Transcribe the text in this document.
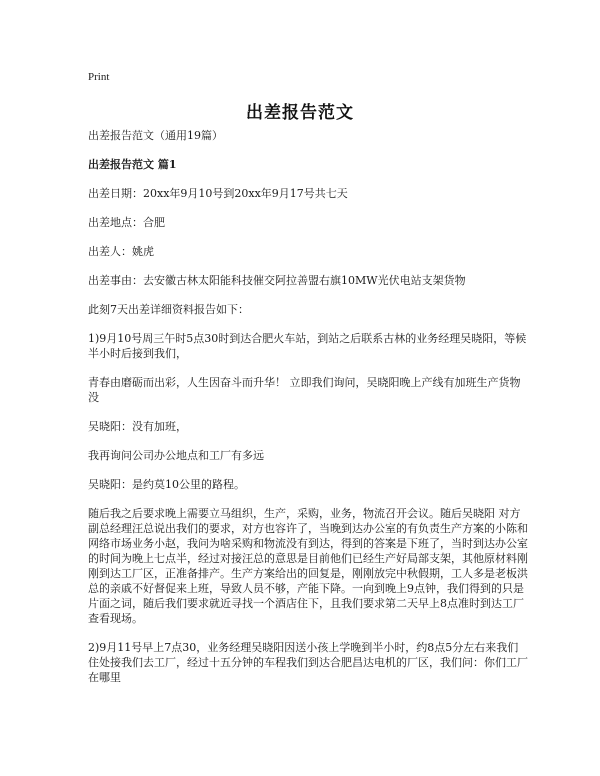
Print
出差报告范文

出差报告范文（通用19篇）

出差报告范文 篇1

出差日期：20xx年9月10号到20xx年9月17号共七天

出差地点：合肥

出差人：姚虎

出差事由：去安徽古林太阳能科技催交阿拉善盟右旗10MW光伏电站支架货物

此刻7天出差详细资料报告如下：

1)9月10号周三午时5点30时到达合肥火车站，到站之后联系古林的业务经理吴晓阳，等候半小时后接到我们，

青春由磨砺而出彩，人生因奋斗而升华！ 立即我们询问，吴晓阳晚上产线有加班生产货物没

吴晓阳：没有加班，

我再询问公司办公地点和工厂有多远

吴晓阳：是约莫10公里的路程。

随后我之后要求晚上需要立马组织，生产，采购，业务，物流召开会议。随后吴晓阳 对方副总经理汪总说出我们的要求，对方也容许了，当晚到达办公室的有负责生产方案的小陈和网络市场业务小赵，我问为啥采购和物流没有到达，得到的答案是下班了，当时到达办公室的时间为晚上七点半，经过对接汪总的意思是目前他们已经生产好局部支架，其他原材料刚刚到达工厂区，正准备排产。生产方案给出的回复是，刚刚放完中秋假期，工人多是老板洪总的亲戚不好督促来上班，导致人员不够，产能下降。一向到晚上9点钟，我们得到的只是片面之词，随后我们要求就近寻找一个酒店住下，且我们要求第二天早上8点准时到达工厂查看现场。

2)9月11号早上7点30，业务经理吴晓阳因送小孩上学晚到半小时，约8点5分左右来我们住处接我们去工厂，经过十五分钟的车程我们到达合肥昌达电机的厂区，我们问：你们工厂在哪里
